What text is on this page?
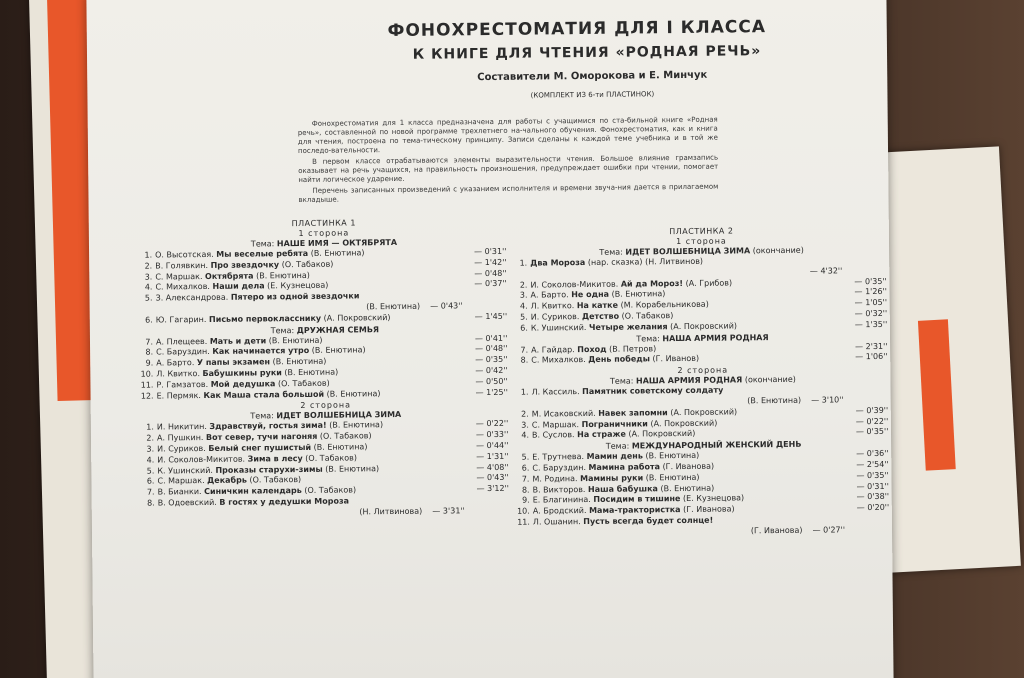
ФОНОХРЕСТОМАТИЯ ДЛЯ I КЛАССА
К КНИГЕ ДЛЯ ЧТЕНИЯ «РОДНАЯ РЕЧЬ»
Составители М. Оморокова и Е. Минчук
(КОМПЛЕКТ ИЗ 6-ти ПЛАСТИНОК)

Фонохрестоматия для 1 класса предназначена для работы с учащимися по ста-бильной книге «Родная речь», составленной по новой программе трехлетнего на-чального обучения. Фонохрестоматия, как и книга для чтения, построена по тема-тическому принципу. Записи сделаны к каждой теме учебника и в той же последо-вательности.

В первом классе отрабатываются элементы выразительности чтения. Большое влияние грамзапись оказывает на речь учащихся, на правильность произношения, предупреждает ошибки при чтении, помогает найти логическое ударение.

Перечень записанных произведений с указанием исполнителя и времени звуча-ния дается в прилагаемом вкладыше.

ПЛАСТИНКА 1
1 сторона
Тема: НАШЕ ИМЯ — ОКТЯБРЯТА
1. О. Высотская. Мы веселые ребята (В. Енютина)	— 0'31''
2. В. Голявкин. Про звездочку (О. Табаков)	— 1'42''
3. С. Маршак. Октябрята (В. Енютина)	— 0'48''
4. С. Михалков. Наши дела (Е. Кузнецова)	— 0'37''
5. З. Александрова. Пятеро из одной звездочки
(В. Енютина) — 0'43''
6. Ю. Гагарин. Письмо первокласснику (А. Покровский)	— 1'45''
Тема: ДРУЖНАЯ СЕМЬЯ
7. А. Плещеев. Мать и дети (В. Енютина)	— 0'41''
8. С. Баруздин. Как начинается утро (В. Енютина)	— 0'48''
9. А. Барто. У папы экзамен (В. Енютина)	— 0'35''
10. Л. Квитко. Бабушкины руки (В. Енютина)	— 0'42''
11. Р. Гамзатов. Мой дедушка (О. Табаков)	— 0'50''
12. Е. Пермяк. Как Маша стала большой (В. Енютина)	— 1'25''
2 сторона
Тема: ИДЕТ ВОЛШЕБНИЦА ЗИМА
1. И. Никитин. Здравствуй, гостья зима! (В. Енютина)	— 0'22''
2. А. Пушкин. Вот север, тучи нагоняя (О. Табаков)	— 0'33''
3. И. Суриков. Белый снег пушистый (В. Енютина)	— 0'44''
4. И. Соколов-Микитов. Зима в лесу (О. Табаков)	— 1'31''
5. К. Ушинский. Проказы старухи-зимы (В. Енютина)	— 4'08''
6. С. Маршак. Декабрь (О. Табаков)	— 0'43''
7. В. Бианки. Синичкин календарь (О. Табаков)	— 3'12''
8. В. Одоевский. В гостях у дедушки Мороза
(Н. Литвинова) — 3'31''
ПЛАСТИНКА 2
1 сторона
Тема: ИДЕТ ВОЛШЕБНИЦА ЗИМА (окончание)
1. Два Мороза (нар. сказка) (Н. Литвинов)
— 4'32''
2. И. Соколов-Микитов. Ай да Мороз! (А. Грибов)	— 0'35''
3. А. Барто. Не одна (В. Енютина)	— 1'26''
4. Л. Квитко. На катке (М. Корабельникова)	— 1'05''
5. И. Суриков. Детство (О. Табаков)	— 0'32''
6. К. Ушинский. Четыре желания (А. Покровский)	— 1'35''
Тема: НАША АРМИЯ РОДНАЯ
7. А. Гайдар. Поход (В. Петров)	— 2'31''
8. С. Михалков. День победы (Г. Иванов)	— 1'06''
2 сторона
Тема: НАША АРМИЯ РОДНАЯ (окончание)
1. Л. Кассиль. Памятник советскому солдату
(В. Енютина) — 3'10''
2. М. Исаковский. Навек запомни (А. Покровский)	— 0'39''
3. С. Маршак. Пограничники (А. Покровский)	— 0'22''
4. В. Суслов. На страже (А. Покровский)	— 0'35''
Тема: МЕЖДУНАРОДНЫЙ ЖЕНСКИЙ ДЕНЬ
5. Е. Трутнева. Мамин день (В. Енютина)	— 0'36''
6. С. Баруздин. Мамина работа (Г. Иванова)	— 2'54''
7. М. Родина. Мамины руки (В. Енютина)	— 0'35''
8. В. Викторов. Наша бабушка (В. Енютина)	— 0'31''
9. Е. Благинина. Посидим в тишине (Е. Кузнецова)	— 0'38''
10. А. Бродский. Мама-трактористка (Г. Иванова)	— 0'20''
11. Л. Ошанин. Пусть всегда будет солнце!
(Г. Иванова) — 0'27''
